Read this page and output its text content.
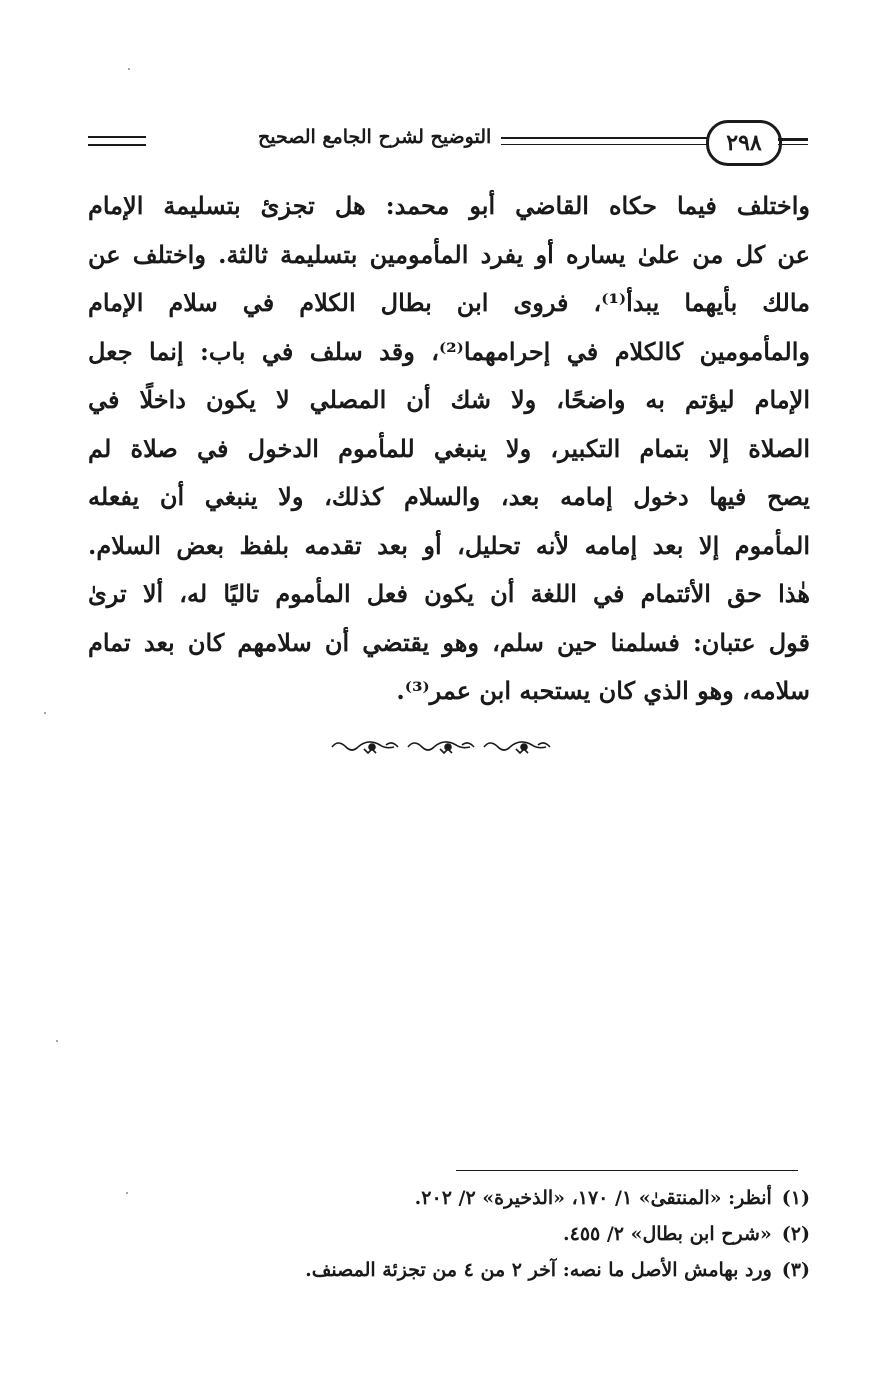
التوضيح لشرح الجامع الصحيح	٢٩٨
واختلف فيما حكاه القاضي أبو محمد: هل تجزئ بتسليمة الإمام
عن كل من علىٰ يساره أو يفرد المأمومين بتسليمة ثالثة. واختلف عن
مالك بأيهما يبدأ⁽¹⁾، فروى ابن بطال الكلام في سلام الإمام
والمأمومين كالكلام في إحرامهما⁽²⁾، وقد سلف في باب: إنما جعل
الإمام ليؤتم به واضحًا، ولا شك أن المصلي لا يكون داخلًا في
الصلاة إلا بتمام التكبير، ولا ينبغي للمأموم الدخول في صلاة لم
يصح فيها دخول إمامه بعد، والسلام كذلك، ولا ينبغي أن يفعله
المأموم إلا بعد إمامه لأنه تحليل، أو بعد تقدمه بلفظ بعض السلام.
هٰذا حق الأئتمام في اللغة أن يكون فعل المأموم تاليًا له، ألا ترىٰ
قول عتبان: فسلمنا حين سلم، وهو يقتضي أن سلامهم كان بعد تمام
سلامه، وهو الذي كان يستحبه ابن عمر⁽³⁾.
(١)أنظر: «المنتقىٰ» ١/ ١٧٠، «الذخيرة» ٢/ ٢٠٢.
(٢)«شرح ابن بطال» ٢/ ٤٥٥.
(٣)ورد بهامش الأصل ما نصه: آخر ٢ من ٤ من تجزئة المصنف.
